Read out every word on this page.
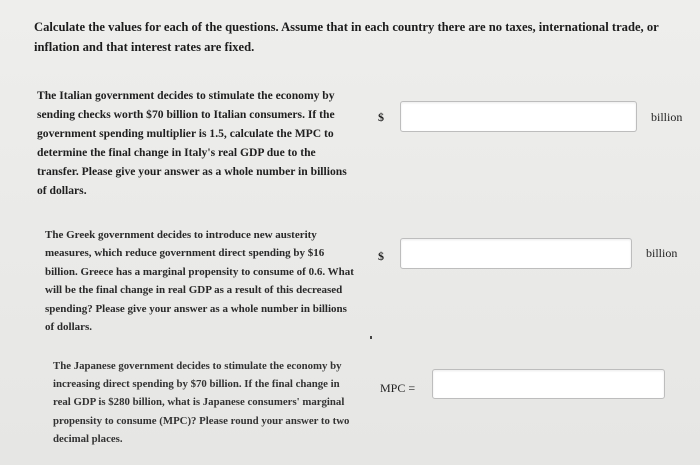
Calculate the values for each of the questions. Assume that in each country there are no taxes, international trade, or inflation and that interest rates are fixed.
The Italian government decides to stimulate the economy by sending checks worth $70 billion to Italian consumers. If the government spending multiplier is 1.5, calculate the MPC to determine the final change in Italy's real GDP due to the transfer. Please give your answer as a whole number in billions of dollars.
$	billion
The Greek government decides to introduce new austerity measures, which reduce government direct spending by $16 billion. Greece has a marginal propensity to consume of 0.6. What will be the final change in real GDP as a result of this decreased spending? Please give your answer as a whole number in billions of dollars.
$	billion
The Japanese government decides to stimulate the economy by increasing direct spending by $70 billion. If the final change in real GDP is $280 billion, what is Japanese consumers' marginal propensity to consume (MPC)? Please round your answer to two decimal places.
MPC =
